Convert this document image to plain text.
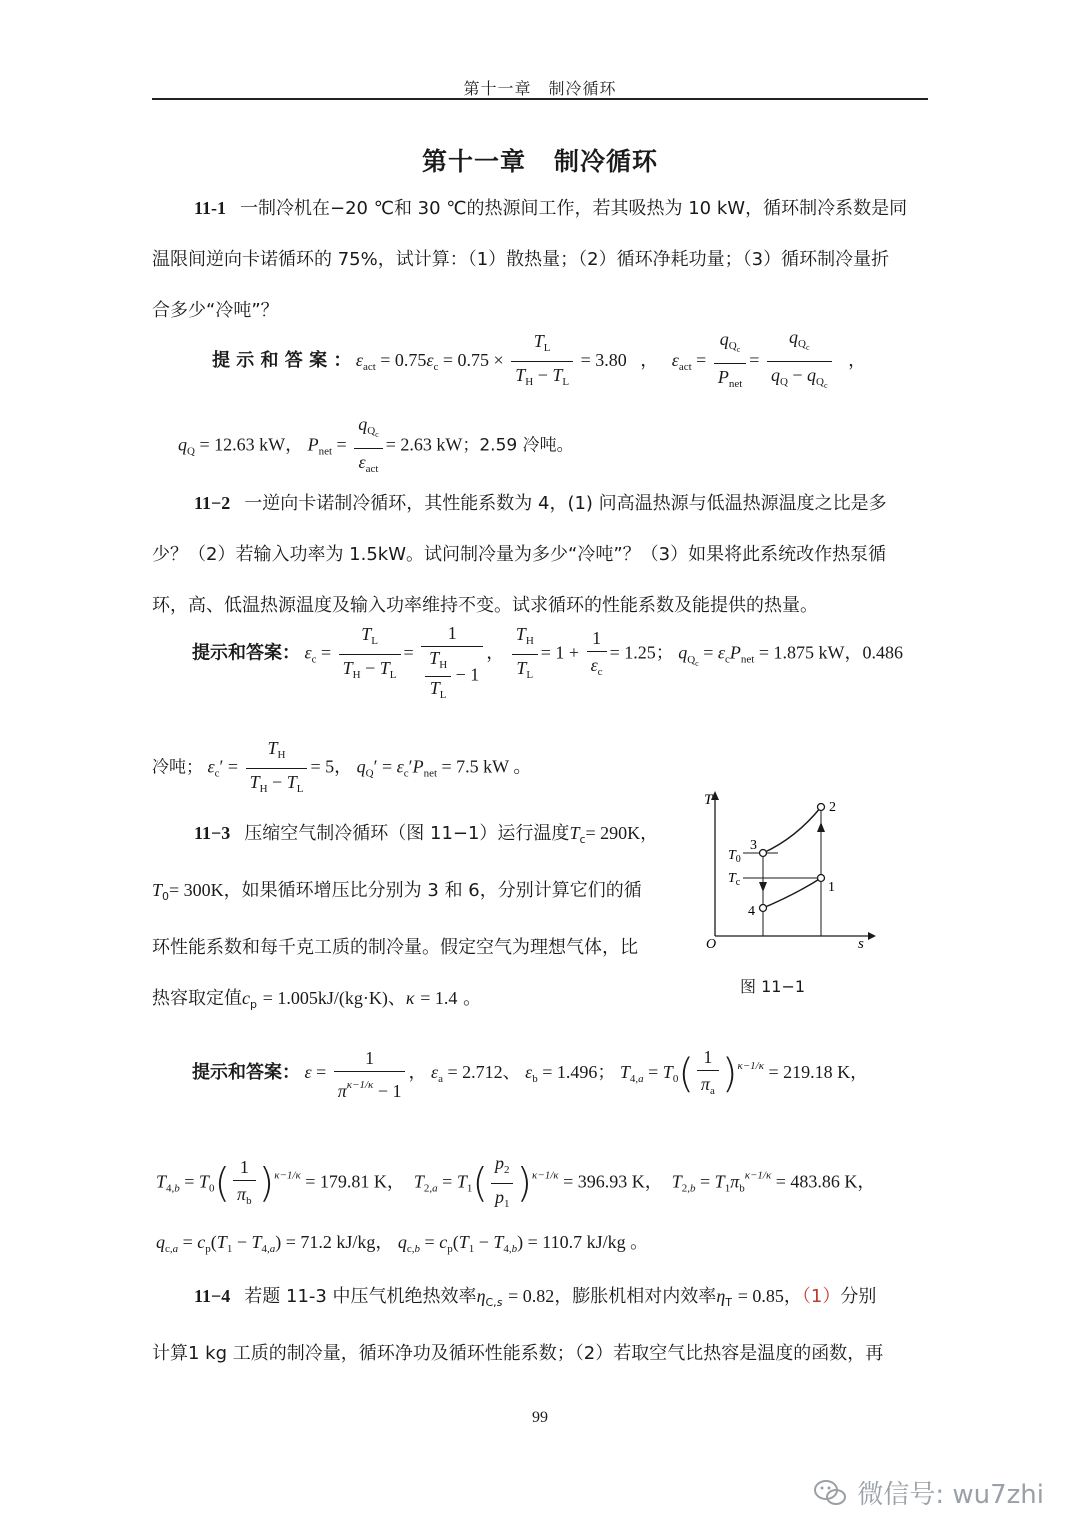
第十一章　制冷循环
第十一章 制冷循环
11-1 一制冷机在−20 ℃和 30 ℃的热源间工作，若其吸热为 10 kW，循环制冷系数是同
温限间逆向卡诺循环的 75%，试计算：（1）散热量；（2）循环净耗功量；（3）循环制冷量折
合多少“冷吨”？
提 示 和 答 案 ： $\varepsilon_{act} = 0.75\varepsilon_c = 0.75 \times \frac{T_L}{T_H - T_L} = 3.80$   ，   $\varepsilon_{act} = \frac{q_{Q_c}}{P_{net}} = \frac{q_{Q_c}}{q_Q - q_{Q_c}}$ ，
$q_Q = 12.63$ kW， $P_{net} = \frac{q_{Q_c}}{\varepsilon_{act}} = 2.63$ kW；2.59 冷吨。
11−2 一逆向卡诺制冷循环，其性能系数为 4，(1) 问高温热源与低温热源温度之比是多
少？（2）若输入功率为 1.5kW。试问制冷量为多少“冷吨”？（3）如果将此系统改作热泵循
环，高、低温热源温度及输入功率维持不变。试求循环的性能系数及能提供的热量。
提示和答案： $\varepsilon_c = \frac{T_L}{T_H - T_L} = \frac{1}{\frac{T_H}{T_L} - 1}$ ， $\frac{T_H}{T_L} = 1 + \frac{1}{\varepsilon_c} = 1.25$； $q_{Q_c} = \varepsilon_cP_{net} = 1.875$ kW，0.486
冷吨； $\varepsilon_c' = \frac{T_H}{T_H - T_L} = 5$， $q_Q' = \varepsilon_c'P_{net} = 7.5$ kW 。
11−3 压缩空气制冷循环（图 11−1）运行温度$T_c= 290K$，
$T_0= 300K$，如果循环增压比分别为 3 和 6，分别计算它们的循
环性能系数和每千克工质的制冷量。假定空气为理想气体，比
热容取定值$c_p = 1.005kJ/(kg\cdot K)$、κ = 1.4 。
T
s
O
$T_0$
$T_c$
2
3
1
4
图 11−1
提示和答案： $\varepsilon = \frac{1}{\pi^{\kappa-1/\kappa} - 1}$ ， $\varepsilon_a = 2.712$、 $\varepsilon_b = 1.496$； $T_{4,a} = T_0( \frac{1}{\pi_a} )^{\kappa-1/\kappa} = 219.18$ K，
$T_{4,b} = T_0( \frac{1}{\pi_b} )^{\kappa-1/\kappa} = 179.81$ K，  $T_{2,a} = T_1( \frac{p_2}{p_1} )^{\kappa-1/\kappa} = 396.93$ K，  $T_{2,b} = T_1\pi_b^{\kappa-1/\kappa} = 483.86$ K，
$q_{c,a} = c_p(T_1 - T_{4,a}) = 71.2$ kJ/kg， $q_{c,b} = c_p(T_1 - T_{4,b}) = 110.7$ kJ/kg 。
11−4 若题 11-3 中压气机绝热效率$\eta_{C,s} = 0.82$，膨胀机相对内效率$\eta_T = 0.85$，（1）分别
计算1 kg 工质的制冷量，循环净功及循环性能系数；（2）若取空气比热容是温度的函数，再
99
微信号: wu7zhi
